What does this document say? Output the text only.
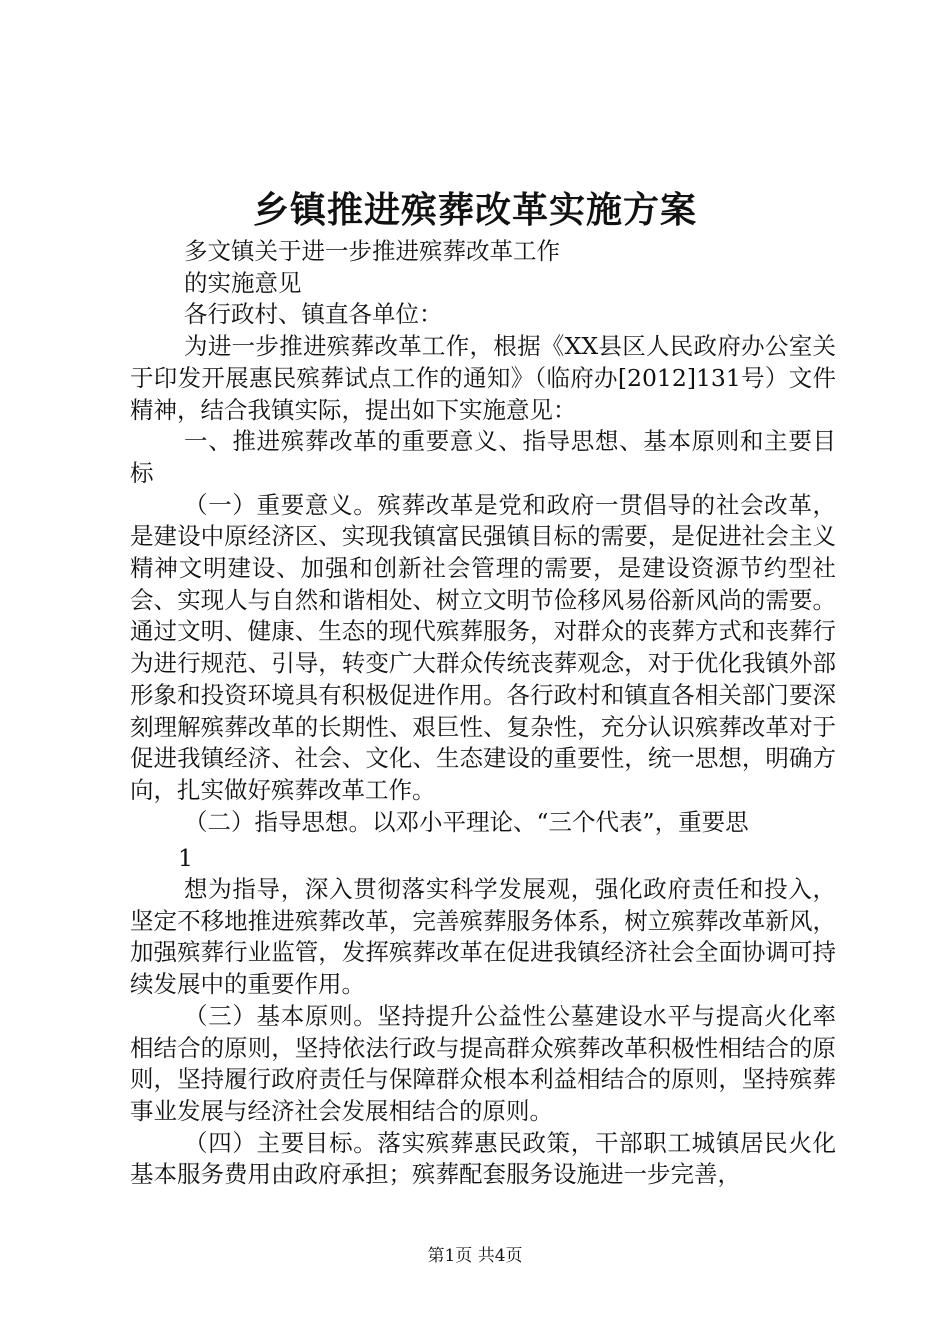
乡镇推进殡葬改革实施方案

多文镇关于进一步推进殡葬改革工作

的实施意见

各行政村、镇直各单位：

为进一步推进殡葬改革工作，根据《XX县区人民政府办公室关于印发开展惠民殡葬试点工作的通知》（临府办[2012]131号）文件精神，结合我镇实际，提出如下实施意见：

一、推进殡葬改革的重要意义、指导思想、基本原则和主要目标

（一）重要意义。殡葬改革是党和政府一贯倡导的社会改革，是建设中原经济区、实现我镇富民强镇目标的需要，是促进社会主义精神文明建设、加强和创新社会管理的需要，是建设资源节约型社会、实现人与自然和谐相处、树立文明节俭移风易俗新风尚的需要。通过文明、健康、生态的现代殡葬服务，对群众的丧葬方式和丧葬行为进行规范、引导，转变广大群众传统丧葬观念，对于优化我镇外部形象和投资环境具有积极促进作用。各行政村和镇直各相关部门要深刻理解殡葬改革的长期性、艰巨性、复杂性，充分认识殡葬改革对于促进我镇经济、社会、文化、生态建设的重要性，统一思想，明确方向，扎实做好殡葬改革工作。

（二）指导思想。以邓小平理论、“三个代表”，重要思

1

想为指导，深入贯彻落实科学发展观，强化政府责任和投入，坚定不移地推进殡葬改革，完善殡葬服务体系，树立殡葬改革新风，加强殡葬行业监管，发挥殡葬改革在促进我镇经济社会全面协调可持续发展中的重要作用。

（三）基本原则。坚持提升公益性公墓建设水平与提高火化率相结合的原则，坚持依法行政与提高群众殡葬改革积极性相结合的原则，坚持履行政府责任与保障群众根本利益相结合的原则，坚持殡葬事业发展与经济社会发展相结合的原则。

（四）主要目标。落实殡葬惠民政策，干部职工城镇居民火化基本服务费用由政府承担；殡葬配套服务设施进一步完善，

第1页 共4页
